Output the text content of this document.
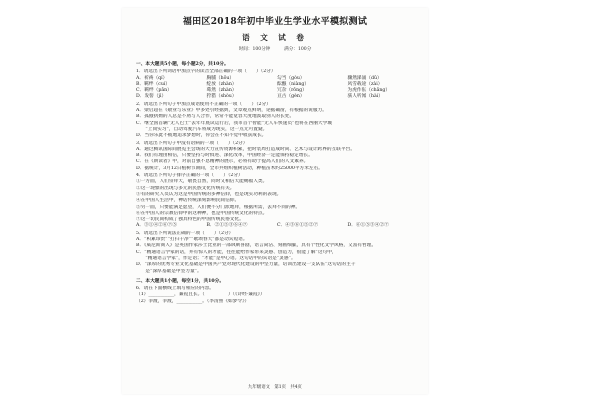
福田区2018年初中毕业生学业水平模拟测试
语 文 试 卷
时间：100分钟　　　满分：100分
一、本大题共5小题，每小题2分，共10分。
1．请选出下列词语中加点字的读音全部正确的一项（　　）（2分）
A．祈祷（qí）	胸脯（hōu）	勾当（gòu）	骤然涕涌（dǔ）
B．羁绊（cuí）	绽放（zhàn）	酝酿（niàng）	风雪载途（zài）
C．羁绊（pān）	蓦然（zhàn）	冗杂（rǒng）	为虎作伥（chāng）
D．发髻（jì）	狩猎（shòu）	亘古（gèn）	骇人听闻（hài）
2．请选出下列句子中加点成语使用不正确的一项（　　）（2分）
A．梁启超在《敬业与乐业》中多处引经据典，文章观点鲜明，论据确凿，有根据的说服力。
B．孤傲执拗的人总是不屑与人合作，常常不能宽容大度地汲取别人的长处。
C．继全国首辆“无人巴士”去年年底试运行后，我市首个智能“无人车快递员”也将在西丽大学城
　　“上岗实习”，自动驾驶汽车将成为现实，这一点无可置疑。
D．当你乐此不疲地追求梦想时，你会在不知不觉中收获成长。
3．请选出下列句子中没有语病的一项（　　）（2分）
A．通过腾讯国际间展览主会场的大力宣传资源积累，把时装周打造成时尚、艺术与设计跨界的互联平台。
B．我们有理由相信，只要坚持与时俱进、深化改革，中国经济一定能保持稳定增长。
C．在《朗读者》中，对前自强不息精神的展示，必将有助于提高人们的人文素养。
D．据统计，3月12日植树节期间，全市共组织植树活动，种植苗木约25000平方米左右。
4．请选出下列句子排序正确的一项（　　）（2分）
①一方面，人们崇拜天，敬畏自然，同时又相信天能赐福人类。
②这一现象的出现与多元的民族文化传统有关。
③有的研究人员认为这是中国传统的多神信仰，也是现实功利的表现。
④在中国人生活中，神话传统深刻影响民间信仰。
⑤另一面，只要能满足愿望，人们便不分门派地拜，根据所需，去拜不同的神。
⑥在中国人的宗教信仰中的这种神，也是中国传统文化的特点。
⑦这一切民间构成了独具特色的中国传统民俗文化。
A．③①④②⑥⑦⑤	B．②①⑤③⑥④⑦	C．④③⑥①⑤②⑦	D．⑥①⑤③④②⑦
5．请选出下列说法正确的一项（　　）（2分）
A．“积累珍贵”“打扫干净”“歌颂春天”都是动宾短语。
B．《威尼斯商人》是英国作家莎士比亚的一部讽刺喜剧，语言简洁、刻画细腻，具有个性化文学风格，又富有哲理。
C．“精通语言学家的话，并有惊人的才能，往往能给作家带来灵感、创造力，很能了解”这句中，
　　“精通语言学家”，作定语；“才能”是中心语。这句话中的宾语是“灵感”。
D．“深厚的优秀专业文化基础是中国共产党对现代化建设的中坚力量，培训出建设一支队伍”这句话的主干
　　是“深厚基础是中坚力量”。
二、本大题共1小题，每空1分，共10分。
6．请在下面横线上填写相应的内容。
（1）___________，蒹葭且长。（　　　　　）（《诗经·蒹葭》）
（2）争渡，争渡，___________。（李清照《如梦令》）
九年级语文　第1页　共4页
